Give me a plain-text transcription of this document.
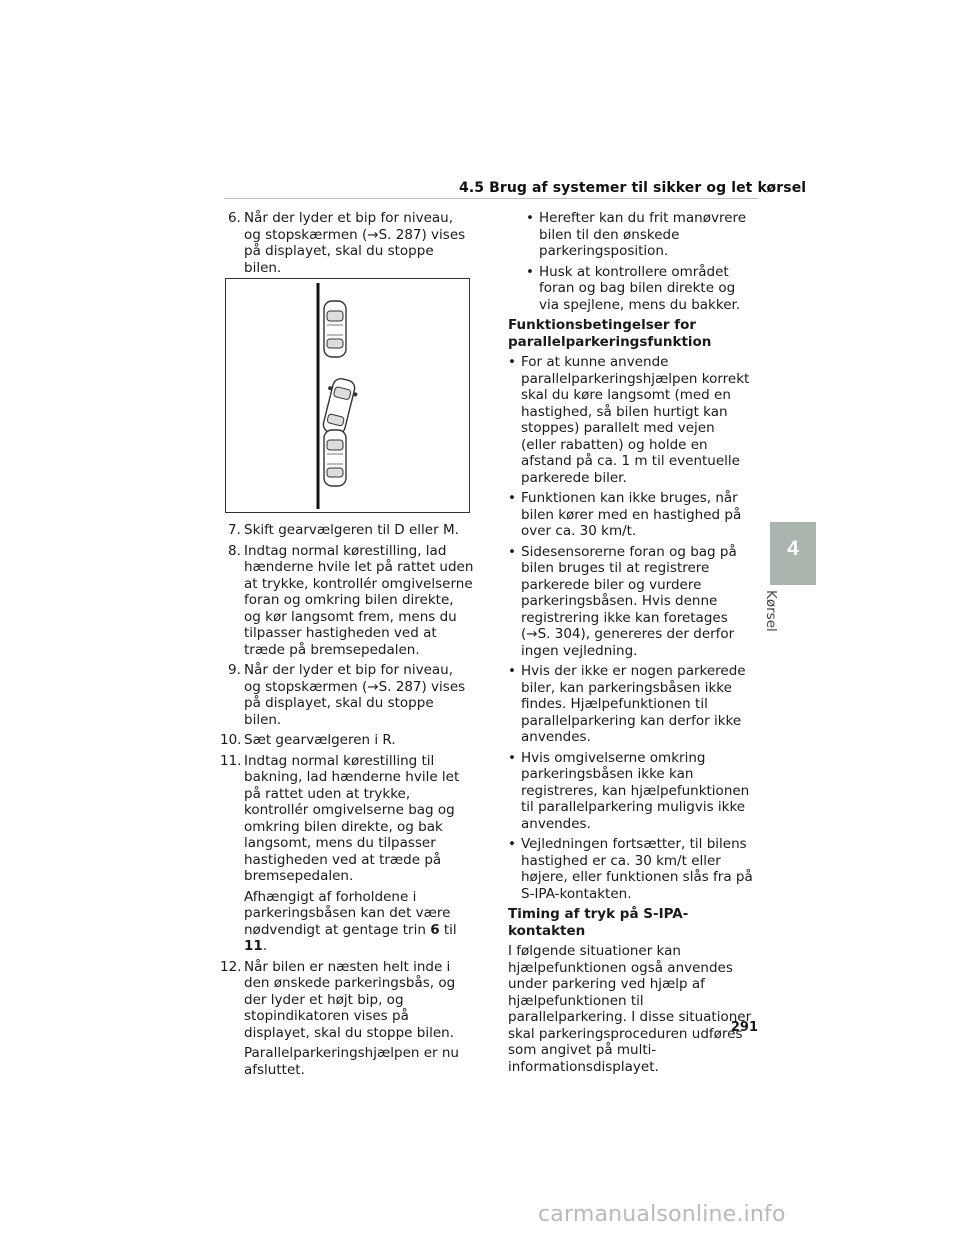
4.5 Brug af systemer til sikker og let kørsel
6. Når der lyder et bip for niveau, og stopskærmen (→S. 287) vises på displayet, skal du stoppe bilen.
7. Skift gearvælgeren til D eller M.
8. Indtag normal kørestilling, lad hænderne hvile let på rattet uden at trykke, kontrollér omgivelserne foran og omkring bilen direkte, og kør langsomt frem, mens du tilpasser hastigheden ved at træde på bremsepedalen.
9. Når der lyder et bip for niveau, og stopskærmen (→S. 287) vises på displayet, skal du stoppe bilen.
10. Sæt gearvælgeren i R.
11. Indtag normal kørestilling til bakning, lad hænderne hvile let på rattet uden at trykke, kontrollér omgivelserne bag og omkring bilen direkte, og bak langsomt, mens du tilpasser hastigheden ved at træde på bremsepedalen.
Afhængigt af forholdene i parkeringsbåsen kan det være nødvendigt at gentage trin 6 til 11.
12. Når bilen er næsten helt inde i den ønskede parkeringsbås, og der lyder et højt bip, og stopindikatoren vises på displayet, skal du stoppe bilen.
Parallelparkeringshjælpen er nu afsluttet.
• Herefter kan du frit manøvrere bilen til den ønskede parkeringsposition.
• Husk at kontrollere området foran og bag bilen direkte og via spejlene, mens du bakker.
Funktionsbetingelser for parallelparkeringsfunktion
• For at kunne anvende parallelparkeringshjælpen korrekt skal du køre langsomt (med en hastighed, så bilen hurtigt kan stoppes) parallelt med vejen (eller rabatten) og holde en afstand på ca. 1 m til eventuelle parkerede biler.
• Funktionen kan ikke bruges, når bilen kører med en hastighed på over ca. 30 km/t.
• Sidesensorerne foran og bag på bilen bruges til at registrere parkerede biler og vurdere parkeringsbåsen. Hvis denne registrering ikke kan foretages (→S. 304), genereres der derfor ingen vejledning.
• Hvis der ikke er nogen parkerede biler, kan parkeringsbåsen ikke findes. Hjælpefunktionen til parallelparkering kan derfor ikke anvendes.
• Hvis omgivelserne omkring parkeringsbåsen ikke kan registreres, kan hjælpefunktionen til parallelparkering muligvis ikke anvendes.
• Vejledningen fortsætter, til bilens hastighed er ca. 30 km/t eller højere, eller funktionen slås fra på S-IPA-kontakten.
Timing af tryk på S-IPA-kontakten
I følgende situationer kan hjælpefunktionen også anvendes under parkering ved hjælp af hjælpefunktionen til parallelparkering. I disse situationer skal parkeringsproceduren udføres som angivet på multi-informationsdisplayet.
4
Kørsel
291
carmanualsonline.info
